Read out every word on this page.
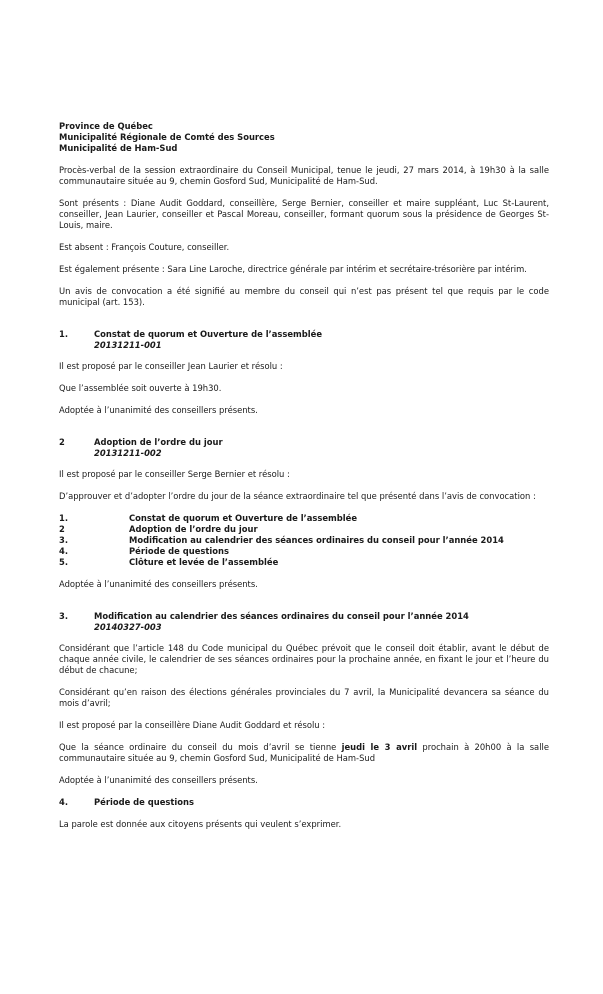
Province de Québec
Municipalité Régionale de Comté des Sources
Municipalité de Ham-Sud

Procès-verbal de la session extraordinaire du Conseil Municipal, tenue le jeudi, 27 mars 2014, à 19h30 à la salle communautaire située au 9, chemin Gosford Sud, Municipalité de Ham-Sud.

Sont présents : Diane Audit Goddard, conseillère, Serge Bernier, conseiller et maire suppléant, Luc St-Laurent, conseiller, Jean Laurier, conseiller et Pascal Moreau, conseiller, formant quorum sous la présidence de Georges St-Louis, maire.

Est absent : François Couture, conseiller.

Est également présente : Sara Line Laroche, directrice générale par intérim et secrétaire-trésorière par intérim.

Un avis de convocation a été signifié au membre du conseil qui n’est pas présent tel que requis par le code municipal (art. 153).

1.	Constat de quorum et Ouverture de l’assemblée
20131211-001

Il est proposé par le conseiller Jean Laurier et résolu :

Que l’assemblée soit ouverte à 19h30.

Adoptée à l’unanimité des conseillers présents.

2	Adoption de l’ordre du jour
20131211-002

Il est proposé par le conseiller Serge Bernier et résolu :

D’approuver et d’adopter l’ordre du jour de la séance extraordinaire tel que présenté dans l’avis de convocation :

1.	Constat de quorum et Ouverture de l’assemblée
2	Adoption de l’ordre du jour
3.	Modification au calendrier des séances ordinaires du conseil pour l’année 2014
4.	Période de questions
5.	Clôture et levée de l’assemblée

Adoptée à l’unanimité des conseillers présents.

3.	Modification au calendrier des séances ordinaires du conseil pour l’année 2014
20140327-003

Considérant que l’article 148 du Code municipal du Québec prévoit que le conseil doit établir, avant le début de chaque année civile, le calendrier de ses séances ordinaires pour la prochaine année, en fixant le jour et l’heure du début de chacune;

Considérant qu’en raison des élections générales provinciales du 7 avril, la Municipalité devancera sa séance du mois d’avril;

Il est proposé par la conseillère Diane Audit Goddard et résolu :

Que la séance ordinaire du conseil du mois d’avril se tienne jeudi le 3 avril prochain à 20h00 à la salle communautaire située au 9, chemin Gosford Sud, Municipalité de Ham-Sud

Adoptée à l’unanimité des conseillers présents.

4.	Période de questions

La parole est donnée aux citoyens présents qui veulent s’exprimer.
